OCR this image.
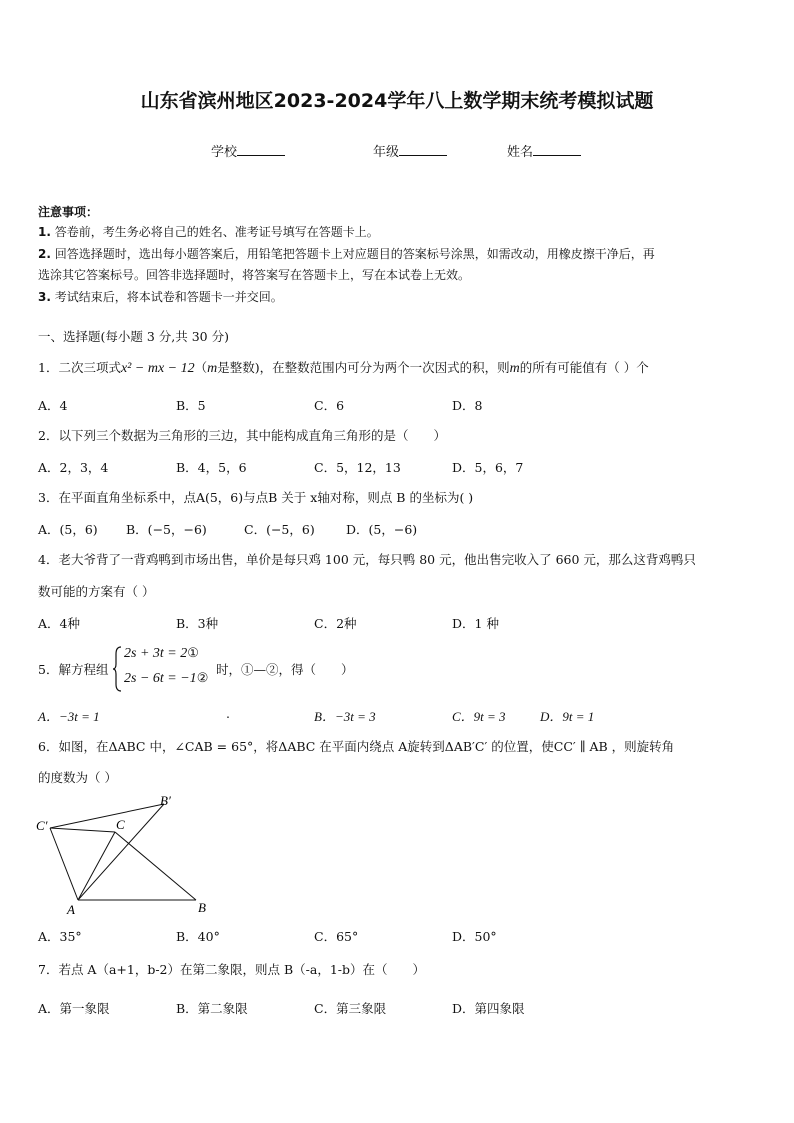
山东省滨州地区2023-2024学年八上数学期末统考模拟试题
学校	年级	姓名
注意事项：
1. 答卷前，考生务必将自己的姓名、准考证号填写在答题卡上。
2. 回答选择题时，选出每小题答案后，用铅笔把答题卡上对应题目的答案标号涂黑，如需改动，用橡皮擦干净后，再
选涂其它答案标号。回答非选择题时，将答案写在答题卡上，写在本试卷上无效。
3. 考试结束后，将本试卷和答题卡一并交回。
一、选择题(每小题 3 分,共 30 分)
1．二次三项式x² − mx − 12（m是整数)，在整数范围内可分为两个一次因式的积，则m的所有可能值有（ ）个
A．4	B．5	C．6	D．8
2．以下列三个数据为三角形的三边，其中能构成直角三角形的是（　　）
A．2，3，4	B．4，5，6	C．5，12，13	D．5，6，7
3．在平面直角坐标系中，点A(5，6)与点B 关于 x轴对称，则点 B 的坐标为( )
A．(5，6) B．(−5，−6)	C．(−5，6)	D．(5，−6)
4．老大爷背了一背鸡鸭到市场出售，单价是每只鸡 100 元，每只鸭 80 元，他出售完收入了 660 元，那么这背鸡鸭只
数可能的方案有（ ）
A．4种	B．3种	C．2种	D．1 种
5．解方程组
2s + 3t = 2①
2s − 6t = −1②
时，①—②，得（　　）
A．−3t = 1	.	B．−3t = 3	C．9t = 3	D．9t = 1
6．如图，在ΔABC 中，∠CAB = 65°，将ΔABC 在平面内绕点 A旋转到ΔAB′C′ 的位置，使CC′ ∥ AB ，则旋转角
的度数为（ ）
C′	C
B′
A	B
A．35°	B．40°	C．65°	D．50°
7．若点 A（a+1，b-2）在第二象限，则点 B（-a，1-b）在（　　）
A．第一象限	B．第二象限	C．第三象限	D．第四象限
